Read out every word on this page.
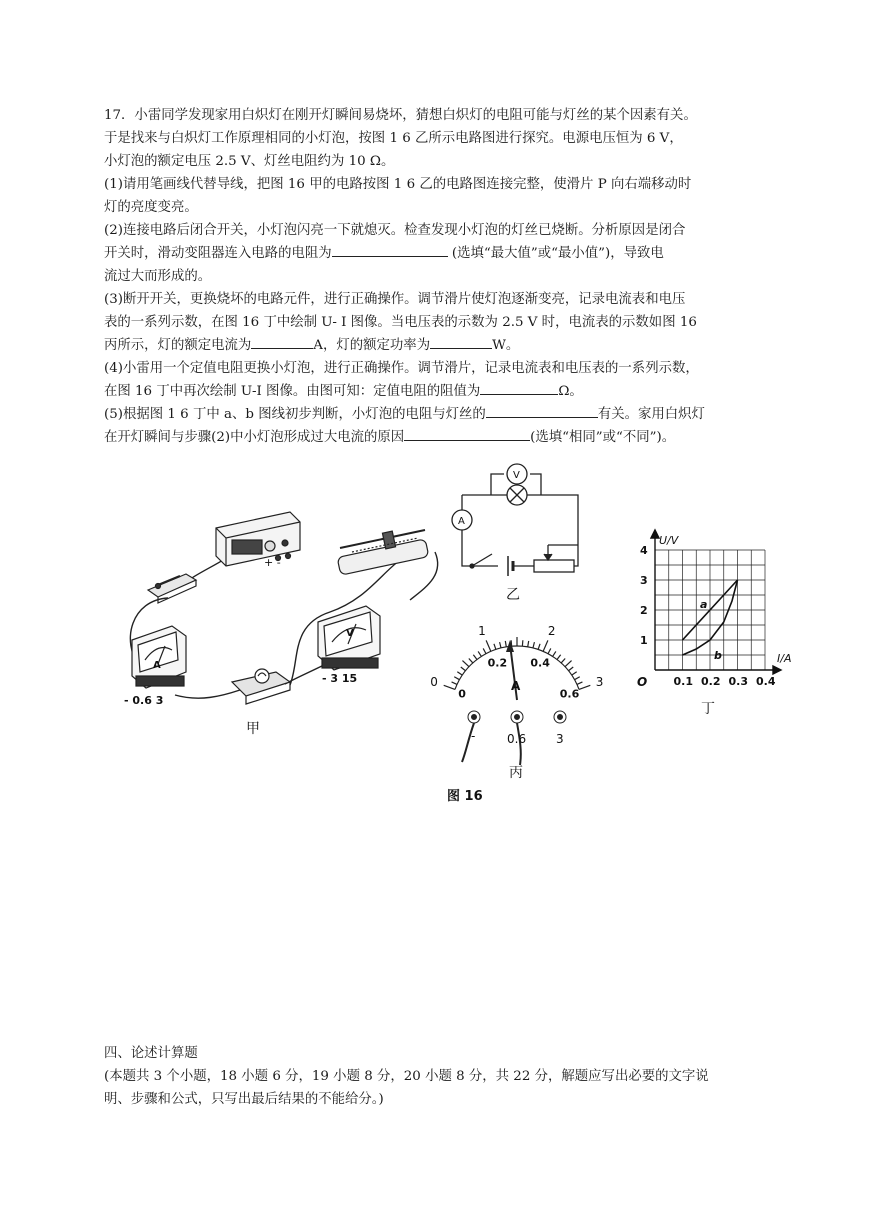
17．小雷同学发现家用白炽灯在刚开灯瞬间易烧坏，猜想白炽灯的电阻可能与灯丝的某个因素有关。

于是找来与白炽灯工作原理相同的小灯泡，按图 1 6 乙所示电路图进行探究。电源电压恒为 6 V，

小灯泡的额定电压 2.5 V、灯丝电阻约为 10 Ω。

(1)请用笔画线代替导线，把图 16 甲的电路按图 1 6 乙的电路图连接完整，使滑片 P 向右端移动时

灯的亮度变亮。

(2)连接电路后闭合开关，小灯泡闪亮一下就熄灭。检查发现小灯泡的灯丝已烧断。分析原因是闭合

开关时，滑动变阻器连入电路的电阻为	(选填“最大值”或“最小值”)，导致电

流过大而形成的。

(3)断开开关，更换烧坏的电路元件，进行正确操作。调节滑片使灯泡逐渐变亮，记录电流表和电压

表的一系列示数，在图 16 丁中绘制 U- I 图像。当电压表的示数为 2.5 V 时，电流表的示数如图 16

丙所示，灯的额定电流为	A，灯的额定功率为	W。

(4)小雷用一个定值电阻更换小灯泡，进行正确操作。调节滑片，记录电流表和电压表的一系列示数，

在图 16 丁中再次绘制 U-I 图像。由图可知：定值电阻的阻值为	Ω。

(5)根据图 1 6 丁中 a、b 图线初步判断，小灯泡的电阻与灯丝的	有关。家用白炽灯

在开灯瞬间与步骤(2)中小灯泡形成过大电流的原因	(选填“相同”或“不同”)。

+ -
A
- 0.6 3
V
- 3 15
甲
V
A
乙
0
1	2
3
0
0.2 0.4
0.6
A
-	0.6 3
丙
0.1 0.2 0.3 0.4
1
2
3
4
a
b
U/V
I/A
O
丁
图 16

四、论述计算题

(本题共 3 个小题，18 小题 6 分，19 小题 8 分，20 小题 8 分，共 22 分，解题应写出必要的文字说

明、步骤和公式，只写出最后结果的不能给分。)
